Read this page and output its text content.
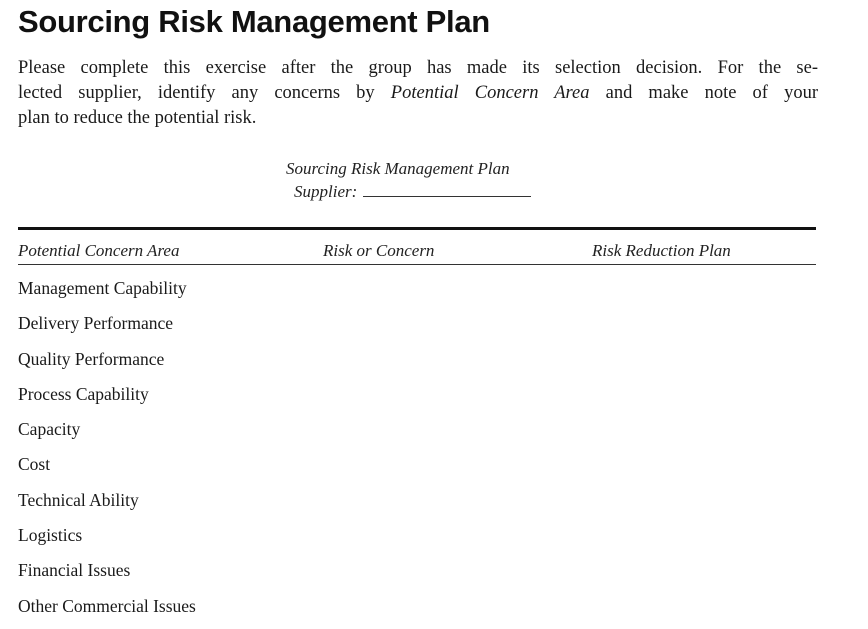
Sourcing Risk Management Plan

Please complete this exercise after the group has made its selection decision. For the se-
lected supplier, identify any concerns by Potential Concern Area and make note of your
plan to reduce the potential risk.

Sourcing Risk Management Plan
Supplier:
Potential Concern Area	Risk or Concern	Risk Reduction Plan
Management Capability
Delivery Performance
Quality Performance
Process Capability
Capacity
Cost
Technical Ability
Logistics
Financial Issues
Other Commercial Issues
